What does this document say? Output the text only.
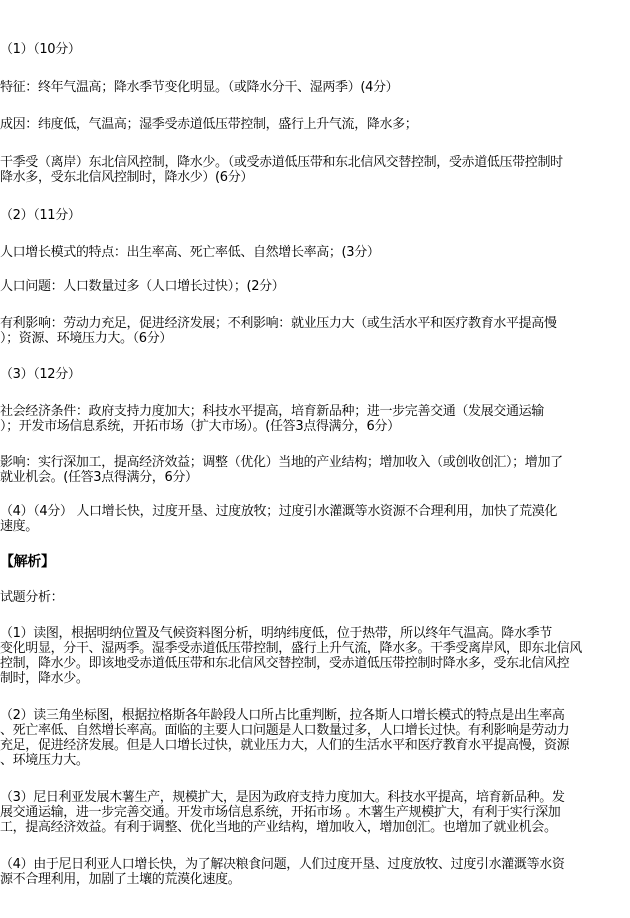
（1）（10分）
特征：终年气温高；降水季节变化明显。（或降水分干、湿两季）(4分）
成因：纬度低，气温高；湿季受赤道低压带控制，盛行上升气流，降水多；
干季受（离岸）东北信风控制，降水少。（或受赤道低压带和东北信风交替控制，受赤道低压带控制时
降水多，受东北信风控制时，降水少）(6分）
（2）（11分）
人口增长模式的特点：出生率高、死亡率低、自然增长率高；(3分）
人口问题：人口数量过多（人口增长过快）；(2分）
有利影响：劳动力充足，促进经济发展；不利影响：就业压力大（或生活水平和医疗教育水平提高慢
）；资源、环境压力大。（6分）
（3）（12分）
社会经济条件：政府支持力度加大；科技水平提高，培育新品种；进一步完善交通（发展交通运输
）；开发市场信息系统，开拓市场（扩大市场）。(任答3点得满分，6分）
影响：实行深加工，提高经济效益；调整（优化）当地的产业结构；增加收入（或创收创汇）；增加了
就业机会。(任答3点得满分，6分）
（4）（4分） 人口增长快，过度开垦、过度放牧；过度引水灌溉等水资源不合理利用，加快了荒漠化
速度。
【解析】
试题分析：
（1）读图，根据明纳位置及气候资料图分析，明纳纬度低，位于热带，所以终年气温高。降水季节
变化明显，分干、湿两季。湿季受赤道低压带控制，盛行上升气流，降水多。干季受离岸风，即东北信风
控制，降水少。即该地受赤道低压带和东北信风交替控制，受赤道低压带控制时降水多，受东北信风控
制时，降水少。
（2）读三角坐标图，根据拉格斯各年龄段人口所占比重判断，拉各斯人口增长模式的特点是出生率高
、死亡率低、自然增长率高。面临的主要人口问题是人口数量过多，人口增长过快。有利影响是劳动力
充足，促进经济发展。但是人口增长过快，就业压力大，人们的生活水平和医疗教育水平提高慢，资源
、环境压力大。
（3）尼日利亚发展木薯生产，规模扩大，是因为政府支持力度加大。科技水平提高，培育新品种。发
展交通运输，进一步完善交通。开发市场信息系统，开拓市场 。木薯生产规模扩大，有利于实行深加
工，提高经济效益。有利于调整、优化当地的产业结构，增加收入，增加创汇。也增加了就业机会。
（4）由于尼日利亚人口增长快，为了解决粮食问题，人们过度开垦、过度放牧、过度引水灌溉等水资
源不合理利用，加剧了土壤的荒漠化速度。
